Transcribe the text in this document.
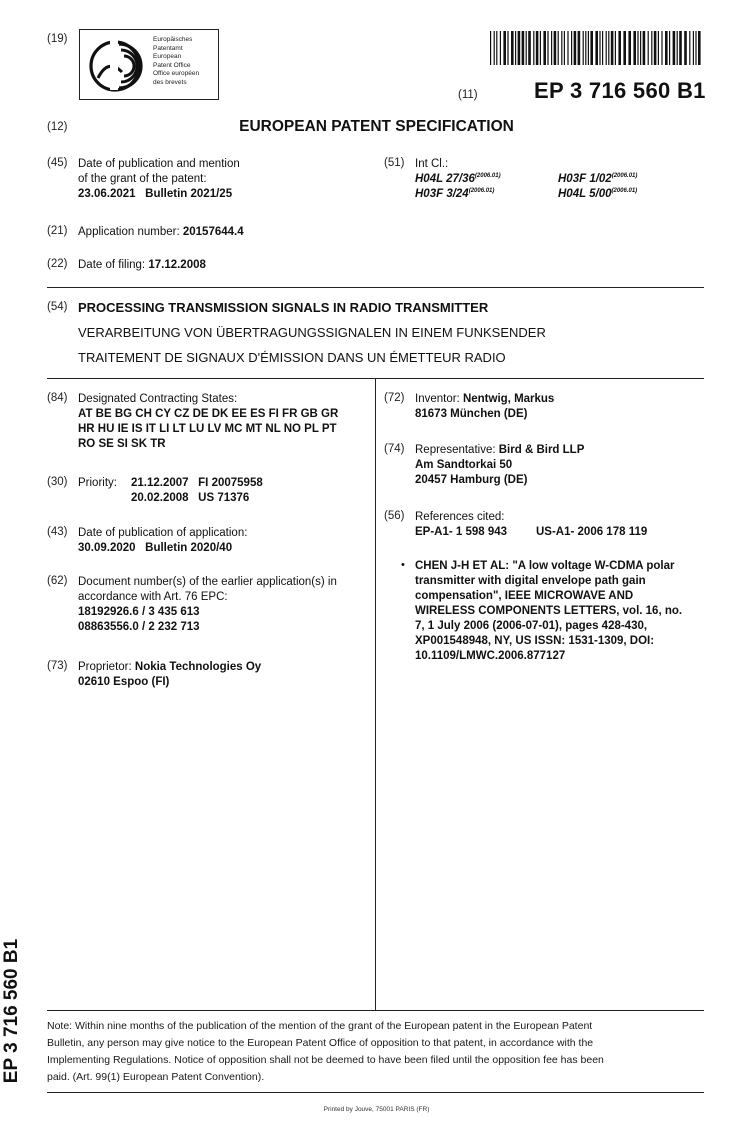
(19)	Europäisches
Patentamt
European
Patent Office
Office européen
des brevets
(11)	EP 3 716 560 B1
(12)	EUROPEAN PATENT SPECIFICATION
(45) Date of publication and mention
of the grant of the patent:
23.06.2021 Bulletin 2021/25
(51) Int Cl.:
H04L $27/36^{(2006.01)}$	H03F $1/02^{(2006.01)}$
H03F $3/24^{(2006.01)}$	H04L $5/00^{(2006.01)}$
(21) Application number: 20157644.4
(22) Date of filing: 17.12.2008
(54) PROCESSING TRANSMISSION SIGNALS IN RADIO TRANSMITTER
VERARBEITUNG VON ÜBERTRAGUNGSSIGNALEN IN EINEM FUNKSENDER
TRAITEMENT DE SIGNAUX D'ÉMISSION DANS UN ÉMETTEUR RADIO
(84) Designated Contracting States:
AT BE BG CH CY CZ DE DK EE ES FI FR GB GR
HR HU IE IS IT LI LT LU LV MC MT NL NO PL PT
RO SE SI SK TR
(30) Priority: 21.12.2007 FI 20075958
20.02.2008 US 71376
(43) Date of publication of application:
30.09.2020 Bulletin 2020/40
(62) Document number(s) of the earlier application(s) in
accordance with Art. 76 EPC:
18192926.6 / 3 435 613
08863556.0 / 2 232 713
(73) Proprietor: Nokia Technologies Oy
02610 Espoo (FI)
(72) Inventor: Nentwig, Markus
81673 München (DE)
(74) Representative: Bird & Bird LLP
Am Sandtorkai 50
20457 Hamburg (DE)
(56) References cited:
EP-A1- 1 598 943	US-A1- 2006 178 119
• CHEN J-H ET AL: "A low voltage W-CDMA polar
transmitter with digital envelope path gain
compensation", IEEE MICROWAVE AND
WIRELESS COMPONENTS LETTERS, vol. 16, no.
7, 1 July 2006 (2006-07-01), pages 428-430,
XP001548948, NY, US ISSN: 1531-1309, DOI:
10.1109/LMWC.2006.877127
EP 3 716 560 B1 Note: Within nine months of the publication of the mention of the grant of the European patent in the European Patent
Bulletin, any person may give notice to the European Patent Office of opposition to that patent, in accordance with the
Implementing Regulations. Notice of opposition shall not be deemed to have been filed until the opposition fee has been
paid. (Art. 99(1) European Patent Convention).
Printed by Jouve, 75001 PARIS (FR)
